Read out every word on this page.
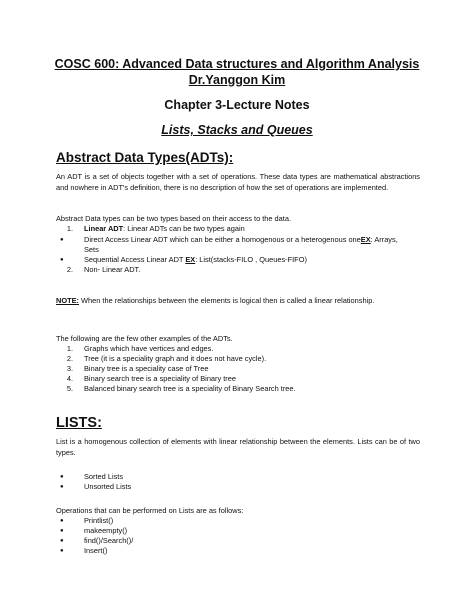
COSC 600: Advanced Data structures and Algorithm Analysis
Dr.Yanggon Kim
Chapter 3-Lecture Notes
Lists, Stacks and Queues
Abstract Data Types(ADTs):
An ADT is a set of objects together with a set of operations. These data types are mathematical abstractions and nowhere in ADT's definition, there is no description of how the set of operations are implemented.
Abstract Data types can be two types based on their access to the data.
1. Linear ADT: Linear ADTs can be two types again
●	Direct Access Linear ADT which can be either a homogenous or a heterogenous oneEX: Arrays,
Sets
●	Sequential Access Linear ADT EX: List(stacks-FILO , Queues-FIFO)
2. Non- Linear ADT.
NOTE: When the relationships between the elements is logical then is called a linear relationship.
The following are the few other examples of the ADTs.
1. Graphs which have vertices and edges.
2. Tree (it is a speciality graph and it does not have cycle).
3. Binary tree is a speciality case of Tree
4. Binary search tree is a speciality of Binary tree
5. Balanced binary search tree is a speciality of Binary Search tree.
LISTS:
List is a homogenous collection of elements with linear relationship between the elements. Lists can be of two types.
●	Sorted Lists
●	Unsorted Lists
Operations that can be performed on Lists are as follows:
●	Printlist()
●	makeempty()
●	find()/Search()/
●	Insert()
